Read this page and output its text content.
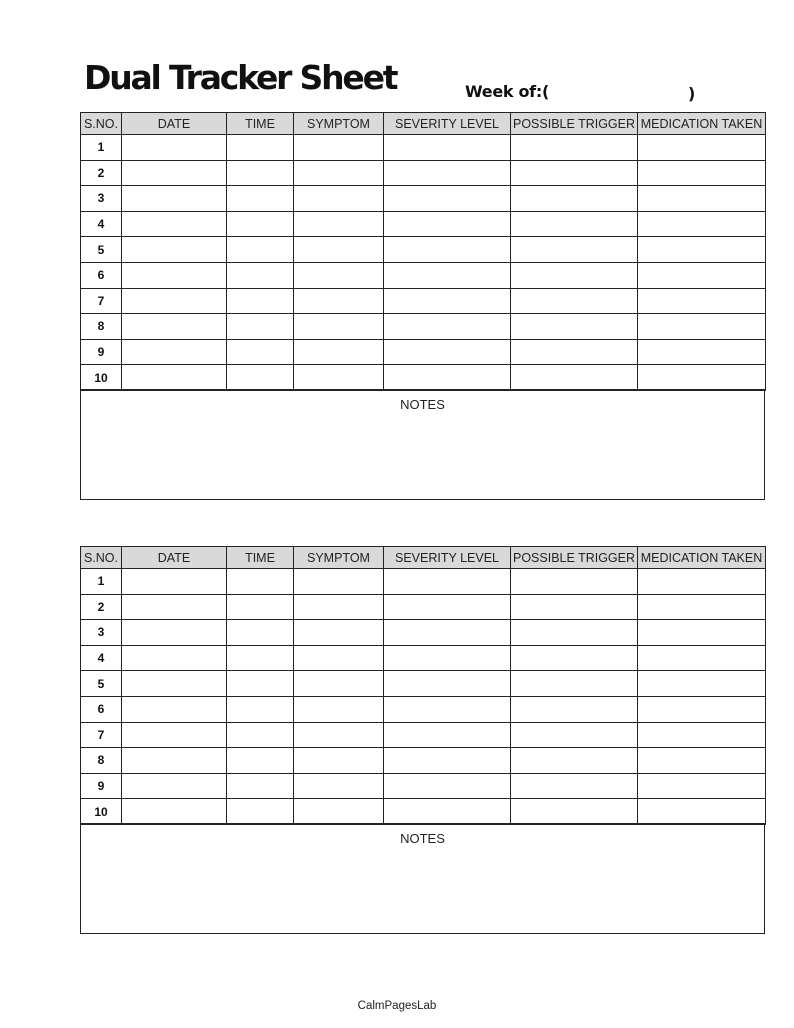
Dual Tracker Sheet	Week of:(	)
S.NO.	DATE	TIME	SYMPTOM	SEVERITY LEVEL	POSSIBLE TRIGGER	MEDICATION TAKEN
1						
2						
3						
4						
5						
6						
7						
8						
9						
10						
NOTES
S.NO.	DATE	TIME	SYMPTOM	SEVERITY LEVEL	POSSIBLE TRIGGER	MEDICATION TAKEN
1						
2						
3						
4						
5						
6						
7						
8						
9						
10						
NOTES
CalmPagesLab
